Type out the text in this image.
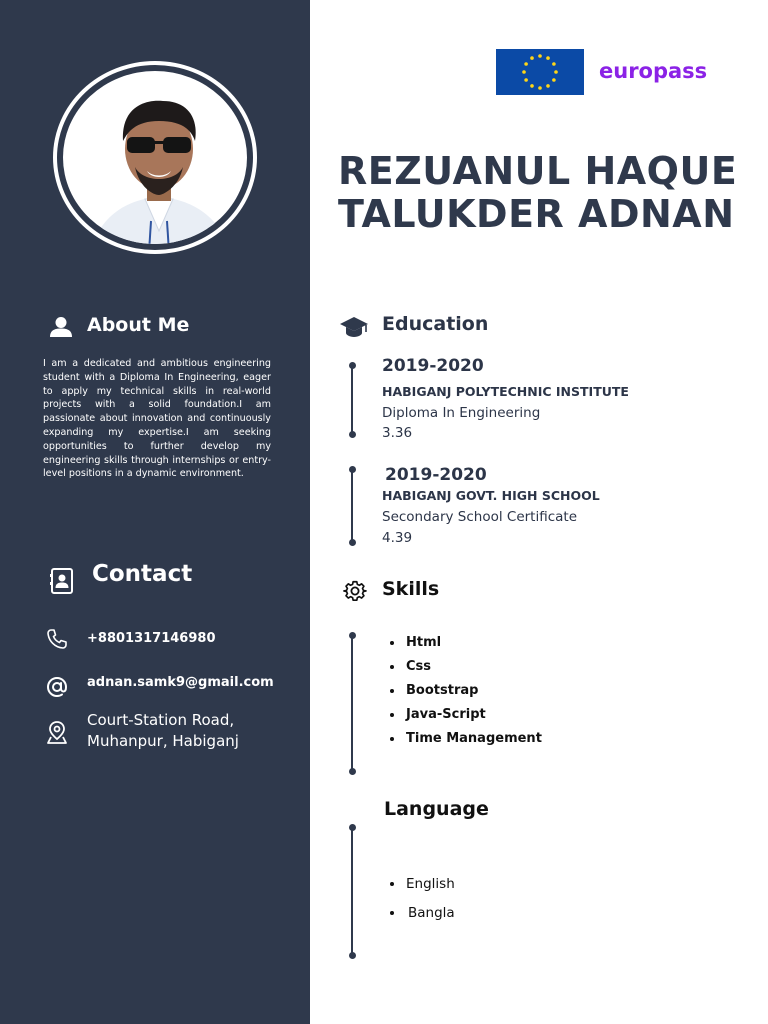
About Me

I am a dedicated and ambitious engineering student with a Diploma In Engineering, eager to apply my technical skills in real-world projects with a solid foundation.I am passionate about innovation and continuously expanding my expertise.I am seeking opportunities to further develop my engineering skills through internships or entry-level positions in a dynamic environment.

Contact
+8801317146980
adnan.samk9@gmail.com
Court-Station Road,
Muhanpur, Habiganj
europass
REZUANUL HAQUE TALUKDER ADNAN
Education
2019-2020
HABIGANJ POLYTECHNIC INSTITUTE
Diploma In Engineering
3.36
2019-2020
HABIGANJ GOVT. HIGH SCHOOL
Secondary School Certificate
4.39
Skills
Html
Css
Bootstrap
Java-Script
Time Management
Language
English
Bangla
